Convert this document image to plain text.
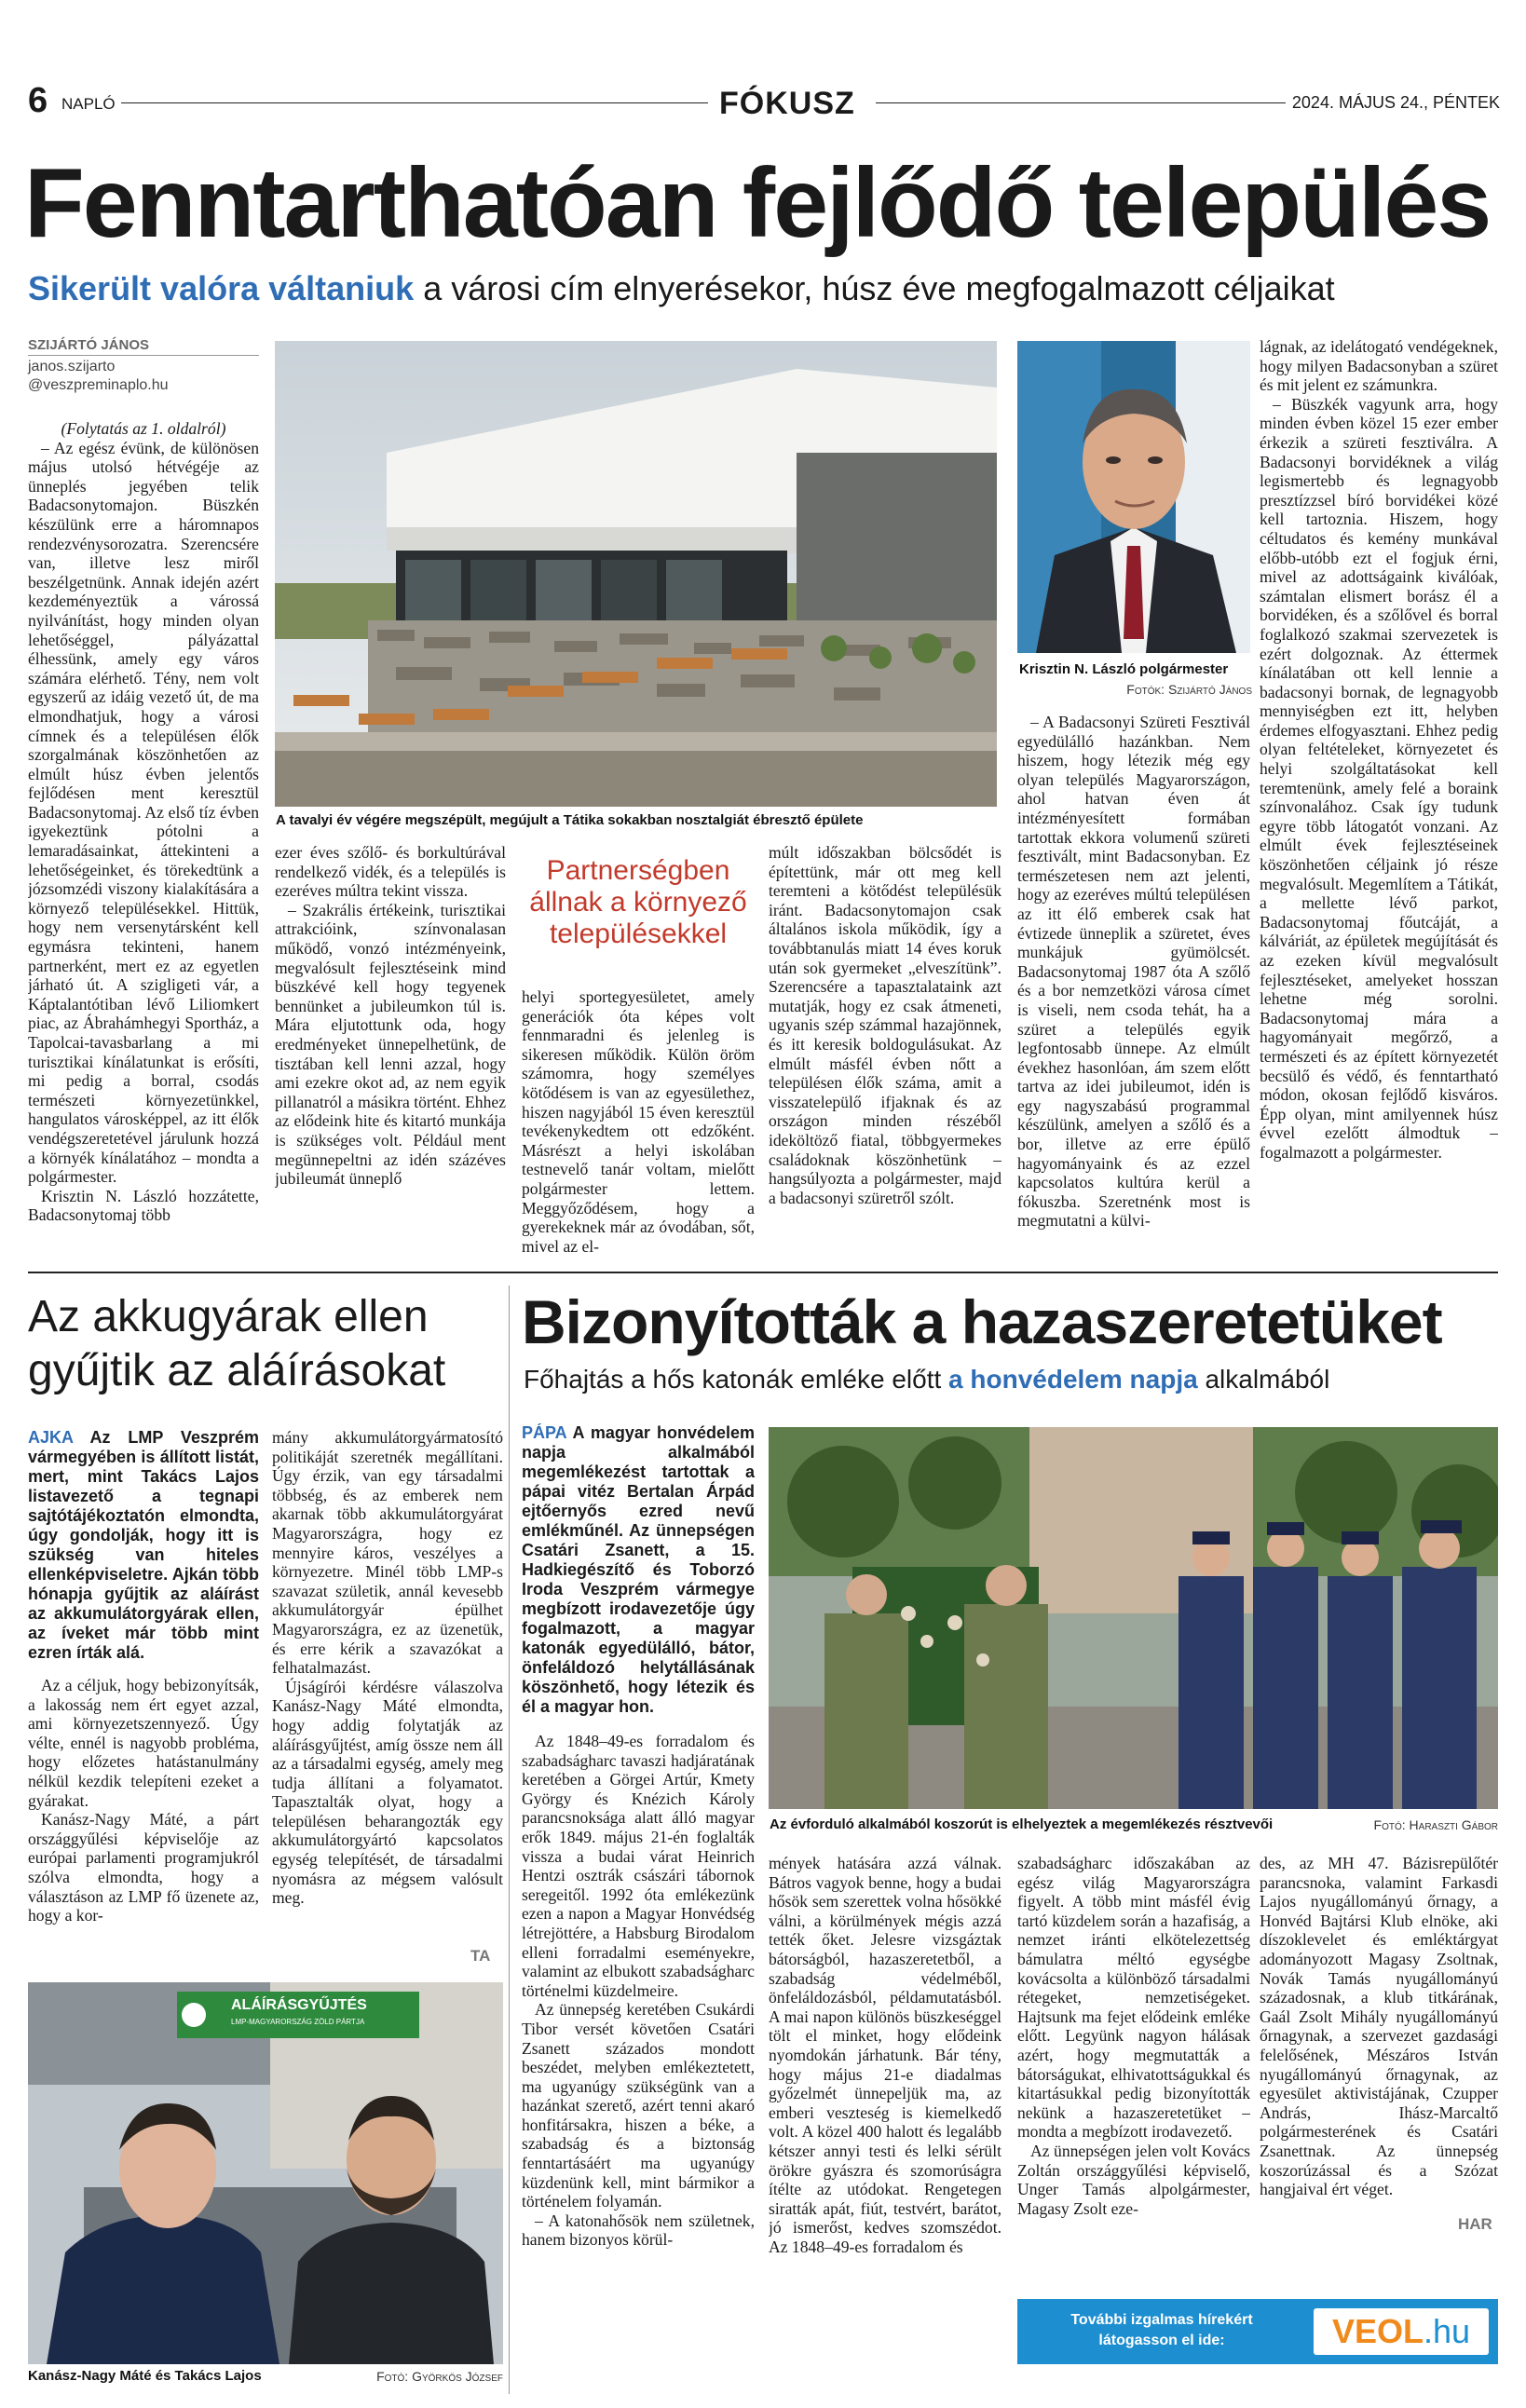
6 NAPLÓ	FÓKUSZ	2024. MÁJUS 24., PÉNTEK
Fenntarthatóan fejlődő település
Sikerült valóra váltaniuk a városi cím elnyerésekor, húsz éve megfogalmazott céljaikat
SZIJÁRTÓ JÁNOS
janos.szijarto
@veszpreminaplo.hu

(Folytatás az 1. oldalról)

– Az egész évünk, de különösen május utolsó hétvégéje az ünneplés jegyében telik Badacsonytomajon. Büszkén készülünk erre a háromnapos rendezvénysorozatra. Szerencsére van, illetve lesz miről beszélgetnünk. Annak idején azért kezdeményeztük a várossá nyilvánítást, hogy minden olyan lehetőséggel, pályázattal élhessünk, amely egy város számára elérhető. Tény, nem volt egyszerű az idáig vezető út, de ma elmondhatjuk, hogy a városi címnek és a településen élők szorgalmának köszönhetően az elmúlt húsz évben jelentős fejlődésen ment keresztül Badacsonytomaj. Az első tíz évben igyekeztünk pótolni a lemaradásainkat, áttekinteni a lehetőségeinket, és törekedtünk a józsomzédi viszony kialakítására a környező településekkel. Hittük, hogy nem versenytársként kell egymásra tekinteni, hanem partnerként, mert ez az egyetlen járható út. A szigligeti vár, a Káptalantótiban lévő Liliomkert piac, az Ábrahámhegyi Sportház, a Tapolcai-tavasbarlang a mi turisztikai kínálatunkat is erősíti, mi pedig a borral, csodás természeti környezetünkkel, hangulatos városképpel, az itt élők vendégszeretetével járulunk hozzá a környék kínálatához – mondta a polgármester.

Krisztin N. László hozzátette, Badacsonytomaj több

A tavalyi év végére megszépült, megújult a Tátika sokakban nosztalgiát ébresztő épülete

ezer éves szőlő- és borkultúrával rendelkező vidék, és a település is ezeréves múltra tekint vissza.

– Szakrális értékeink, turisztikai attrakcióink, színvonalasan működő, vonzó intézményeink, megvalósult fejlesztéseink mind büszkévé kell hogy tegyenek bennünket a jubileumkon túl is. Mára eljutottunk oda, hogy eredményeket ünnepelhetünk, de tisztában kell lenni azzal, hogy ami ezekre okot ad, az nem egyik pillanatról a másikra történt. Ehhez az elődeink hite és kitartó munkája is szükséges volt. Például ment megünnepeltni az idén százéves jubileumát ünneplő

Partnerségben állnak a környező településekkel

helyi sportegyesületet, amely generációk óta képes volt fennmaradni és jelenleg is sikeresen működik. Külön öröm számomra, hogy személyes kötődésem is van az egyesülethez, hiszen nagyjából 15 éven keresztül tevékenykedtem ott edzőként. Másrészt a helyi iskolában testnevelő tanár voltam, mielőtt polgármester lettem. Meggyőződésem, hogy a gyerekeknek már az óvodában, sőt, mivel az el-

múlt időszakban bölcsődét is építettünk, már ott meg kell teremteni a kötődést településük iránt. Badacsonytomajon csak általános iskola működik, így a továbbtanulás miatt 14 éves koruk után sok gyermeket „elveszítünk”. Szerencsére a tapasztalataink azt mutatják, hogy ez csak átmeneti, ugyanis szép számmal hazajönnek, és itt keresik boldogulásukat. Az elmúlt másfél évben nőtt a településen élők száma, amit a visszatelepülő ifjaknak és az országon minden részéből ideköltöző fiatal, többgyermekes családoknak köszönhetünk – hangsúlyozta a polgármester, majd a badacsonyi szüretről szólt.

Krisztin N. László polgármester
Fotók: Szijártó János

– A Badacsonyi Szüreti Fesztivál egyedülálló hazánkban. Nem hiszem, hogy létezik még egy olyan település Magyarországon, ahol hatvan éven át intézményesített formában tartottak ekkora volumenű szüreti fesztivált, mint Badacsonyban. Ez természetesen nem azt jelenti, hogy az ezeréves múltú településen az itt élő emberek csak hat évtizede ünneplik a szüretet, éves munkájuk gyümölcsét. Badacsonytomaj 1987 óta A szőlő és a bor nemzetközi városa címet is viseli, nem csoda tehát, ha a szüret a település egyik legfontosabb ünnepe. Az elmúlt évekhez hasonlóan, ám szem előtt tartva az idei jubileumot, idén is egy nagyszabású programmal készülünk, amelyen a szőlő és a bor, illetve az erre épülő hagyományaink és az ezzel kapcsolatos kultúra kerül a fókuszba. Szeretnénk most is megmutatni a külvi-

lágnak, az idelátogató vendégeknek, hogy milyen Badacsonyban a szüret és mit jelent ez számunkra.

– Büszkék vagyunk arra, hogy minden évben közel 15 ezer ember érkezik a szüreti fesztiválra. A Badacsonyi borvidéknek a világ legismertebb és legnagyobb presztízzsel bíró borvidékei közé kell tartoznia. Hiszem, hogy céltudatos és kemény munkával előbb-utóbb ezt el fogjuk érni, mivel az adottságaink kiválóak, számtalan elismert borász él a borvidéken, és a szőlővel és borral foglalkozó szakmai szervezetek is ezért dolgoznak. Az éttermek kínálatában ott kell lennie a badacsonyi bornak, de legnagyobb mennyiségben ezt itt, helyben érdemes elfogyasztani. Ehhez pedig olyan feltételeket, környezetet és helyi szolgáltatásokat kell teremtenünk, amely felé a boraink színvonalához. Csak így tudunk egyre több látogatót vonzani. Az elmúlt évek fejlesztéseinek köszönhetően céljaink jó része megvalósult. Megemlítem a Tátikát, a mellette lévő parkot, Badacsonytomaj főutcáját, a kálváriát, az épületek megújítását és az ezeken kívül megvalósult fejlesztéseket, amelyeket hosszan lehetne még sorolni. Badacsonytomaj mára a hagyományait megőrző, a természeti és az épített környezetét becsülő és védő, és fenntartható módon, okosan fejlődő kisváros. Épp olyan, mint amilyennek húsz évvel ezelőtt álmodtuk – fogalmazott a polgármester.

Az akkugyárak ellen gyűjtik az aláírásokat

AJKA Az LMP Veszprém vármegyében is állított listát, mert, mint Takács Lajos listavezető a tegnapi sajtótájékoztatón elmondta, úgy gondolják, hogy itt is szükség van hiteles ellenképviseletre. Ajkán több hónapja gyűjtik az aláírást az akkumulátorgyárak ellen, az íveket már több mint ezren írták alá.

Az a céljuk, hogy bebizonyítsák, a lakosság nem ért egyet azzal, ami környezetszennyező. Úgy vélte, ennél is nagyobb probléma, hogy előzetes hatástanulmány nélkül kezdik telepíteni ezeket a gyárakat.

Kanász-Nagy Máté, a párt országgyűlési képviselője az európai parlamenti programjukról szólva elmondta, hogy a választáson az LMP fő üzenete az, hogy a kor-

mány akkumulátorgyármatosító politikáját szeretnék megállítani. Úgy érzik, van egy társadalmi többség, és az emberek nem akarnak több akkumulátorgyárat Magyarországra, hogy ez mennyire káros, veszélyes a környezetre. Minél több LMP-s szavazat születik, annál kevesebb akkumulátorgyár épülhet Magyarországra, ez az üzenetük, és erre kérik a szavazókat a felhatalmazást.

Újságírói kérdésre válaszolva Kanász-Nagy Máté elmondta, hogy addig folytatják az aláírásgyűjtést, amíg össze nem áll az a társadalmi egység, amely meg tudja állítani a folyamatot. Tapasztalták olyat, hogy a településen beharangozták egy akkumulátorgyártó kapcsolatos egység telepítését, de társadalmi nyomásra az mégsem valósult meg.

TA
ALÁÍRÁSGYŰJTÉS
LMP-MAGYARORSZÁG ZÖLD PÁRTJA
Kanász-Nagy Máté és Takács Lajos	Fotó: Györkös József
Bizonyították a hazaszeretetüket
Főhajtás a hős katonák emléke előtt a honvédelem napja alkalmából

PÁPA A magyar honvédelem napja alkalmából megemlékezést tartottak a pápai vitéz Bertalan Árpád ejtőernyős ezred nevű emlékműnél. Az ünnepségen Csatári Zsanett, a 15. Hadkiegészítő és Toborzó Iroda Veszprém vármegye megbízott irodavezetője úgy fogalmazott, a magyar katonák egyedülálló, bátor, önfeláldozó helytállásának köszönhető, hogy létezik és él a magyar hon.

Az 1848–49-es forradalom és szabadságharc tavaszi hadjáratának keretében a Görgei Artúr, Kmety György és Knézich Károly parancsnoksága alatt álló magyar erők 1849. május 21-én foglalták vissza a budai várat Heinrich Hentzi osztrák császári tábornok seregeitől. 1992 óta emlékezünk ezen a napon a Magyar Honvédség létrejöttére, a Habsburg Birodalom elleni forradalmi eseményekre, valamint az elbukott szabadságharc történelmi küzdelmeire.

Az ünnepség keretében Csukárdi Tibor versét követően Csatári Zsanett százados mondott beszédet, melyben emlékeztetett, ma ugyanúgy szükségünk van a hazánkat szerető, azért tenni akaró honfitársakra, hiszen a béke, a szabadság és a biztonság fenntartásáért ma ugyanúgy küzdenünk kell, mint bármikor a történelem folyamán.

– A katonahősök nem születnek, hanem bizonyos körül-

Az évforduló alkalmából koszorút is elhelyeztek a megemlékezés résztvevői	Fotó: Haraszti Gábor

mények hatására azzá válnak. Bátros vagyok benne, hogy a budai hősök sem szerettek volna hősökké válni, a körülmények mégis azzá tették őket. Jelesre vizsgáztak bátorságból, hazaszeretetből, a szabadság védelméből, önfeláldozásból, példamutatásból. A mai napon különös büszkeséggel tölt el minket, hogy elődeink nyomdokán járhatunk. Bár tény, hogy május 21-e diadalmas győzelmét ünnepeljük ma, az emberi veszteség is kiemelkedő volt. A közel 400 halott és legalább kétszer annyi testi és lelki sérült örökre gyászra és szomorúságra ítélte az utódokat. Rengetegen siratták apát, fiút, testvért, barátot, jó ismerőst, kedves szomszédot. Az 1848–49-es forradalom és

szabadságharc időszakában az egész világ Magyarországra figyelt. A több mint másfél évig tartó küzdelem során a hazafiság, a nemzet iránti elkötelezettség bámulatra méltó egységbe kovácsolta a különböző társadalmi rétegeket, nemzetiségeket. Hajtsunk ma fejet elődeink emléke előtt. Legyünk nagyon hálásak azért, hogy megmutatták a bátorságukat, elhivatottságukkal és kitartásukkal pedig bizonyították nekünk a hazaszeretetüket – mondta a megbízott irodavezető.

Az ünnepségen jelen volt Kovács Zoltán országgyűlési képviselő, Unger Tamás alpolgármester, Magasy Zsolt eze-

des, az MH 47. Bázisrepülőtér parancsnoka, valamint Farkasdi Lajos nyugállományú őrnagy, a Honvéd Bajtársi Klub elnöke, aki díszoklevelet és emléktárgyat adományozott Magasy Zsoltnak, Novák Tamás nyugállományú századosnak, a klub titkárának, Gaál Zsolt Mihály nyugállományú őrnagynak, a szervezet gazdasági felelősének, Mészáros István nyugállományú őrnagynak, az egyesület aktivistájának, Czupper András, Ihász-Marcaltő polgármesterének és Csatári Zsanettnak. Az ünnepség koszorúzással és a Szózat hangjaival ért véget.

HAR
További izgalmas hírekért
látogasson el ide:	VEOL.hu
